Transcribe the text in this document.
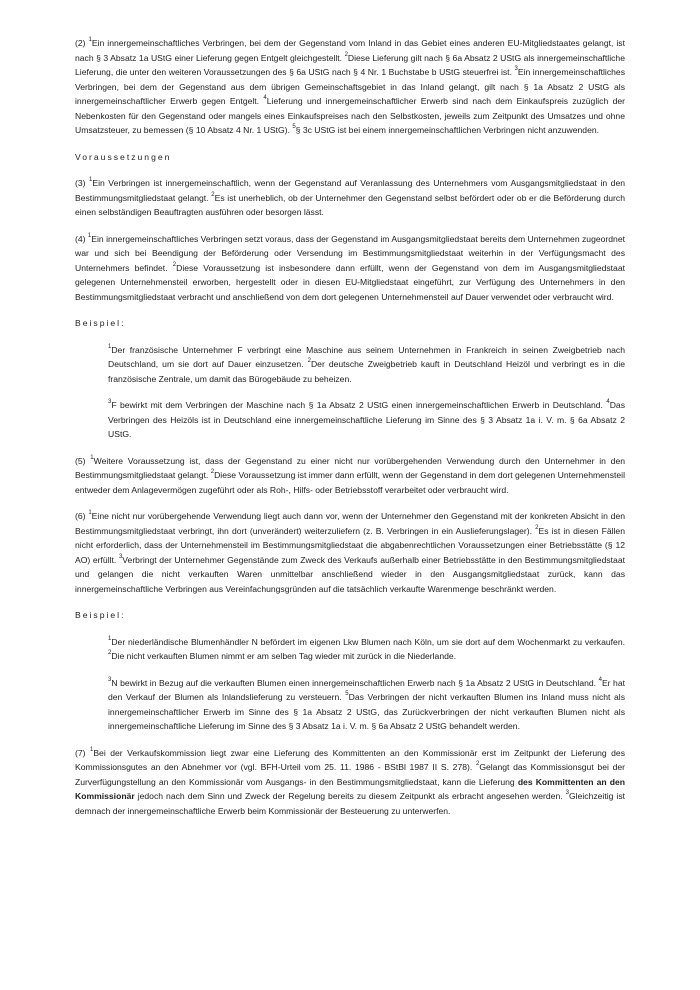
(2) $^1$Ein innergemeinschaftliches Verbringen, bei dem der Gegenstand vom Inland in das Gebiet eines anderen EU-Mitgliedstaates gelangt, ist nach § 3 Absatz 1a UStG einer Lieferung gegen Entgelt gleichgestellt. $^2$Diese Lieferung gilt nach § 6a Absatz 2 UStG als innergemeinschaftliche Lieferung, die unter den weiteren Voraussetzungen des § 6a UStG nach § 4 Nr. 1 Buchstabe b UStG steuerfrei ist. $^3$Ein innergemeinschaftliches Verbringen, bei dem der Gegenstand aus dem übrigen Gemeinschaftsgebiet in das Inland gelangt, gilt nach § 1a Absatz 2 UStG als innergemeinschaftlicher Erwerb gegen Entgelt. $^4$Lieferung und innergemeinschaftlicher Erwerb sind nach dem Einkaufspreis zuzüglich der Nebenkosten für den Gegenstand oder mangels eines Einkaufspreises nach den Selbstkosten, jeweils zum Zeitpunkt des Umsatzes und ohne Umsatzsteuer, zu bemessen (§ 10 Absatz 4 Nr. 1 UStG). $^5$§ 3c UStG ist bei einem innergemeinschaftlichen Verbringen nicht anzuwenden.

Voraussetzungen

(3) $^1$Ein Verbringen ist innergemeinschaftlich, wenn der Gegenstand auf Veranlassung des Unternehmers vom Ausgangsmitgliedstaat in den Bestimmungsmitgliedstaat gelangt. $^2$Es ist unerheblich, ob der Unternehmer den Gegenstand selbst befördert oder ob er die Beförderung durch einen selbständigen Beauftragten ausführen oder besorgen lässt.

(4) $^1$Ein innergemeinschaftliches Verbringen setzt voraus, dass der Gegenstand im Ausgangsmitgliedstaat bereits dem Unternehmen zugeordnet war und sich bei Beendigung der Beförderung oder Versendung im Bestimmungsmitgliedstaat weiterhin in der Verfügungsmacht des Unternehmers befindet. $^2$Diese Voraussetzung ist insbesondere dann erfüllt, wenn der Gegenstand von dem im Ausgangsmitgliedstaat gelegenen Unternehmensteil erworben, hergestellt oder in diesen EU-Mitgliedstaat eingeführt, zur Verfügung des Unternehmers in den Bestimmungsmitgliedstaat verbracht und anschließend von dem dort gelegenen Unternehmensteil auf Dauer verwendet oder verbraucht wird.

Beispiel:

$^1$Der französische Unternehmer F verbringt eine Maschine aus seinem Unternehmen in Frankreich in seinen Zweigbetrieb nach Deutschland, um sie dort auf Dauer einzusetzen. $^2$Der deutsche Zweigbetrieb kauft in Deutschland Heizöl und verbringt es in die französische Zentrale, um damit das Bürogebäude zu beheizen.

$^3$F bewirkt mit dem Verbringen der Maschine nach § 1a Absatz 2 UStG einen innergemeinschaftlichen Erwerb in Deutschland. $^4$Das Verbringen des Heizöls ist in Deutschland eine innergemeinschaftliche Lieferung im Sinne des § 3 Absatz 1a i. V. m. § 6a Absatz 2 UStG.

(5) $^1$Weitere Voraussetzung ist, dass der Gegenstand zu einer nicht nur vorübergehenden Verwendung durch den Unternehmer in den Bestimmungsmitgliedstaat gelangt. $^2$Diese Voraussetzung ist immer dann erfüllt, wenn der Gegenstand in dem dort gelegenen Unternehmensteil entweder dem Anlagevermögen zugeführt oder als Roh-, Hilfs- oder Betriebsstoff verarbeitet oder verbraucht wird.

(6) $^1$Eine nicht nur vorübergehende Verwendung liegt auch dann vor, wenn der Unternehmer den Gegenstand mit der konkreten Absicht in den Bestimmungsmitgliedstaat verbringt, ihn dort (unverändert) weiterzuliefern (z. B. Verbringen in ein Auslieferungslager). $^2$Es ist in diesen Fällen nicht erforderlich, dass der Unternehmensteil im Bestimmungsmitgliedstaat die abgabenrechtlichen Voraussetzungen einer Betriebsstätte (§ 12 AO) erfüllt. $^3$Verbringt der Unternehmer Gegenstände zum Zweck des Verkaufs außerhalb einer Betriebsstätte in den Bestimmungsmitgliedstaat und gelangen die nicht verkauften Waren unmittelbar anschließend wieder in den Ausgangsmitgliedstaat zurück, kann das innergemeinschaftliche Verbringen aus Vereinfachungsgründen auf die tatsächlich verkaufte Warenmenge beschränkt werden.

Beispiel:

$^1$Der niederländische Blumenhändler N befördert im eigenen Lkw Blumen nach Köln, um sie dort auf dem Wochenmarkt zu verkaufen. $^2$Die nicht verkauften Blumen nimmt er am selben Tag wieder mit zurück in die Niederlande.

$^3$N bewirkt in Bezug auf die verkauften Blumen einen innergemeinschaftlichen Erwerb nach § 1a Absatz 2 UStG in Deutschland. $^4$Er hat den Verkauf der Blumen als Inlandslieferung zu versteuern. $^5$Das Verbringen der nicht verkauften Blumen ins Inland muss nicht als innergemeinschaftlicher Erwerb im Sinne des § 1a Absatz 2 UStG, das Zurückverbringen der nicht verkauften Blumen nicht als innergemeinschaftliche Lieferung im Sinne des § 3 Absatz 1a i. V. m. § 6a Absatz 2 UStG behandelt werden.

(7) $^1$Bei der Verkaufskommission liegt zwar eine Lieferung des Kommittenten an den Kommissionär erst im Zeitpunkt der Lieferung des Kommissionsgutes an den Abnehmer vor (vgl. BFH-Urteil vom 25. 11. 1986 - BStBl 1987 II S. 278). $^2$Gelangt das Kommissionsgut bei der Zurverfügungstellung an den Kommissionär vom Ausgangs- in den Bestimmungsmitgliedstaat, kann die Lieferung des Kommittenten an den Kommissionär jedoch nach dem Sinn und Zweck der Regelung bereits zu diesem Zeitpunkt als erbracht angesehen werden. $^3$Gleichzeitig ist demnach der innergemeinschaftliche Erwerb beim Kommissionär der Besteuerung zu unterwerfen.
